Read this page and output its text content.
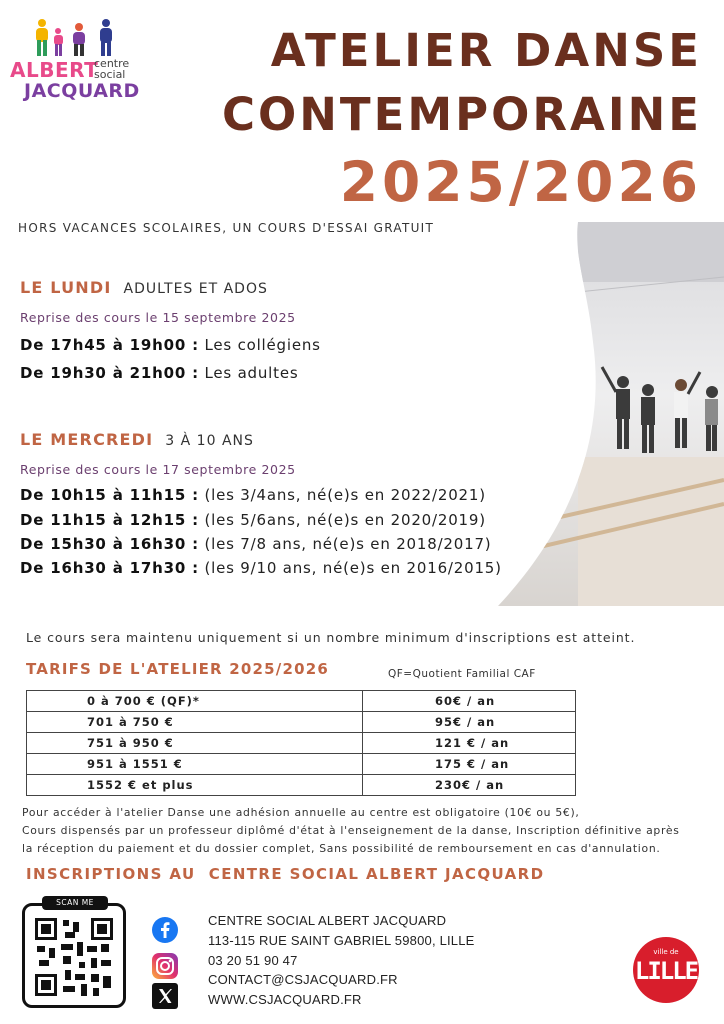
ALBERT
centre
social
JACQUARD
ATELIER DANSE
CONTEMPORAINE
2025/2026
HORS VACANCES SCOLAIRES, UN COURS D'ESSAI GRATUIT
LE LUNDI ADULTES ET ADOS
Reprise des cours le 15 septembre 2025
De 17h45 à 19h00 : Les collégiens
De 19h30 à 21h00 : Les adultes
LE MERCREDI 3 À 10 ANS
Reprise des cours le 17 septembre 2025
De 10h15 à 11h15 : (les 3/4ans, né(e)s en 2022/2021)
De 11h15 à 12h15 : (les 5/6ans, né(e)s en 2020/2019)
De 15h30 à 16h30 : (les 7/8 ans, né(e)s en 2018/2017)
De 16h30 à 17h30 : (les 9/10 ans, né(e)s en 2016/2015)
Le cours sera maintenu uniquement si un nombre minimum d'inscriptions est atteint.
TARIFS DE L'ATELIER 2025/2026	QF=Quotient Familial CAF
0 à 700 € (QF)*	60€ / an
701 à 750 €	95€ / an
751 à 950 €	121 € / an
951 à 1551 €	175 € / an
1552 € et plus	230€ / an
Pour accéder à l'atelier Danse une adhésion annuelle au centre est obligatoire (10€ ou 5€),
Cours dispensés par un professeur diplômé d'état à l'enseignement de la danse, Inscription définitive après
la réception du paiement et du dossier complet, Sans possibilité de remboursement en cas d'annulation.
INSCRIPTIONS AU  CENTRE SOCIAL ALBERT JACQUARD
SCAN ME
CENTRE SOCIAL ALBERT JACQUARD
113-115 RUE SAINT GABRIEL 59800, LILLE
03 20 51 90 47
CONTACT@CSJACQUARD.FR
WWW.CSJACQUARD.FR
ville de
LILLE
